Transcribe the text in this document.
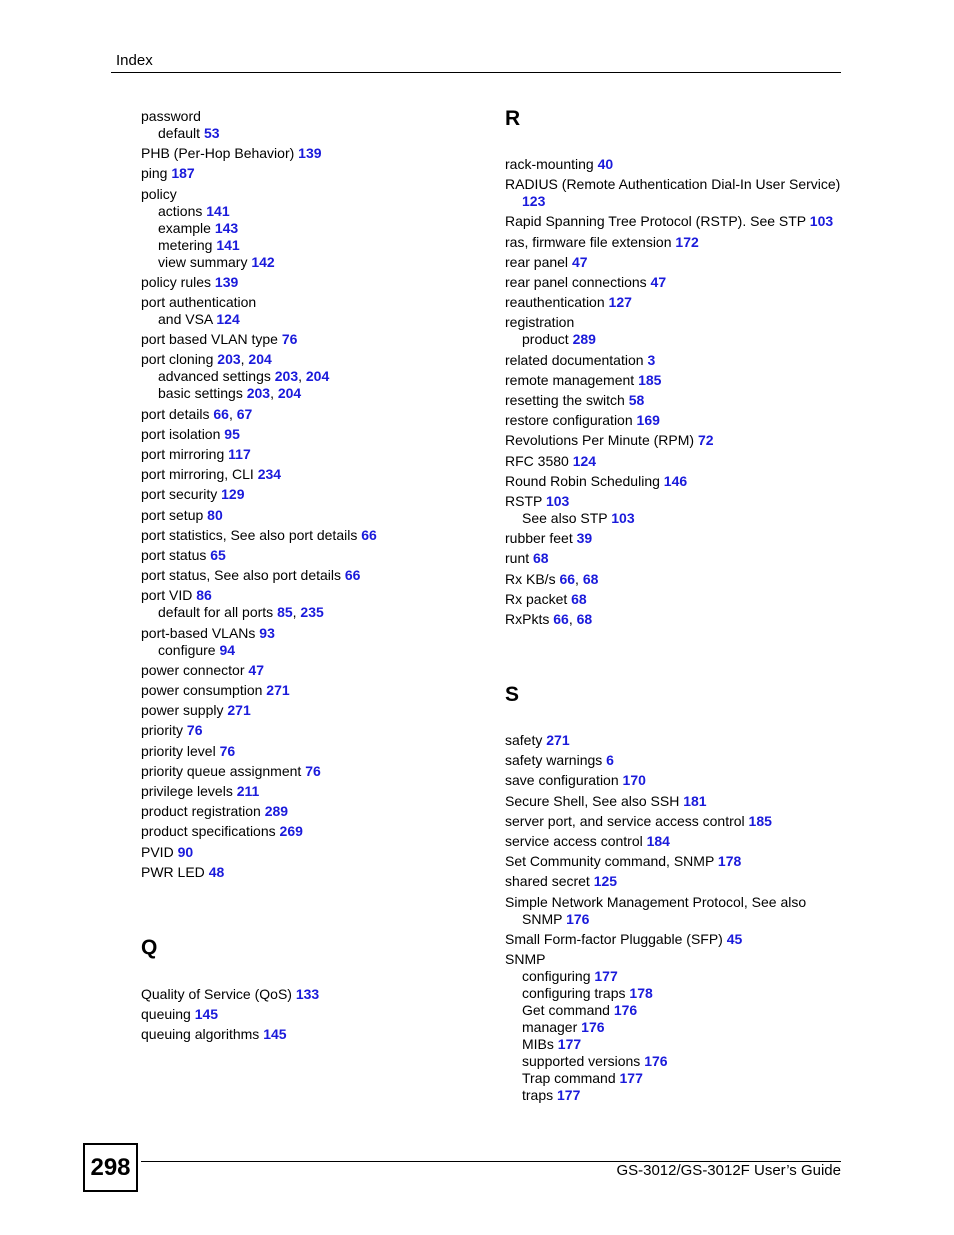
Index
password
default 53
PHB (Per-Hop Behavior) 139
ping 187
policy
actions 141
example 143
metering 141
view summary 142
policy rules 139
port authentication
and VSA 124
port based VLAN type 76
port cloning 203, 204
advanced settings 203, 204
basic settings 203, 204
port details 66, 67
port isolation 95
port mirroring 117
port mirroring, CLI 234
port security 129
port setup 80
port statistics, See also port details 66
port status 65
port status, See also port details 66
port VID 86
default for all ports 85, 235
port-based VLANs 93
configure 94
power connector 47
power consumption 271
power supply 271
priority 76
priority level 76
priority queue assignment 76
privilege levels 211
product registration 289
product specifications 269
PVID 90
PWR LED 48
Q
Quality of Service (QoS) 133
queuing 145
queuing algorithms 145
R
rack-mounting 40
RADIUS (Remote Authentication Dial-In User Service)
123
Rapid Spanning Tree Protocol (RSTP). See STP 103
ras, firmware file extension 172
rear panel 47
rear panel connections 47
reauthentication 127
registration
product 289
related documentation 3
remote management 185
resetting the switch 58
restore configuration 169
Revolutions Per Minute (RPM) 72
RFC 3580 124
Round Robin Scheduling 146
RSTP 103
See also STP 103
rubber feet 39
runt 68
Rx KB/s 66, 68
Rx packet 68
RxPkts 66, 68
S
safety 271
safety warnings 6
save configuration 170
Secure Shell, See also SSH 181
server port, and service access control 185
service access control 184
Set Community command, SNMP 178
shared secret 125
Simple Network Management Protocol, See also
SNMP 176
Small Form-factor Pluggable (SFP) 45
SNMP
configuring 177
configuring traps 178
Get command 176
manager 176
MIBs 177
supported versions 176
Trap command 177
traps 177
298	GS-3012/GS-3012F User’s Guide
